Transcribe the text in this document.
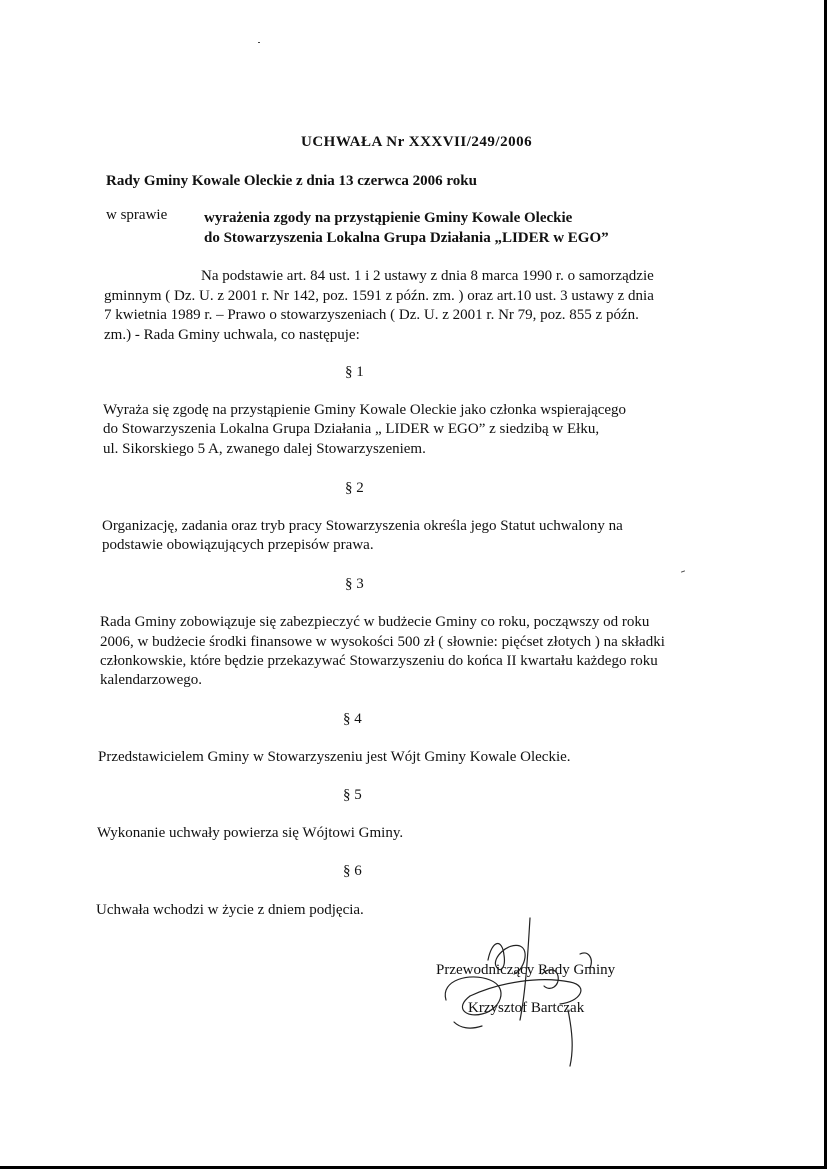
UCHWAŁA Nr XXXVII/249/2006
Rady Gminy Kowale Oleckie z dnia 13 czerwca 2006 roku
w sprawie wyrażenia zgody na przystąpienie Gminy Kowale Oleckie
do Stowarzyszenia Lokalna Grupa Działania „LIDER w EGO”
Na podstawie art. 84 ust. 1 i 2 ustawy z dnia 8 marca 1990 r. o samorządzie
gminnym ( Dz. U. z 2001 r. Nr 142, poz. 1591 z późn. zm. ) oraz art.10 ust. 3 ustawy z dnia
7 kwietnia 1989 r. – Prawo o stowarzyszeniach ( Dz. U. z 2001 r. Nr 79, poz. 855 z późn.
zm.) - Rada Gminy uchwala, co następuje:
§ 1
Wyraża się zgodę na przystąpienie Gminy Kowale Oleckie jako członka wspierającego
do Stowarzyszenia Lokalna Grupa Działania „ LIDER w EGO” z siedzibą w Ełku,
ul. Sikorskiego 5 A, zwanego dalej Stowarzyszeniem.
§ 2
Organizację, zadania oraz tryb pracy Stowarzyszenia określa jego Statut uchwalony na
podstawie obowiązujących przepisów prawa.
§ 3
Rada Gminy zobowiązuje się zabezpieczyć w budżecie Gminy co roku, począwszy od roku
2006, w budżecie środki finansowe w wysokości 500 zł ( słownie: pięćset złotych ) na składki
członkowskie, które będzie przekazywać Stowarzyszeniu do końca II kwartału każdego roku
kalendarzowego.
§ 4
Przedstawicielem Gminy w Stowarzyszeniu jest Wójt Gminy Kowale Oleckie.
§ 5
Wykonanie uchwały powierza się Wójtowi Gminy.
§ 6
Uchwała wchodzi w życie z dniem podjęcia.
Przewodniczący Rady Gminy
Krzysztof Bartczak
